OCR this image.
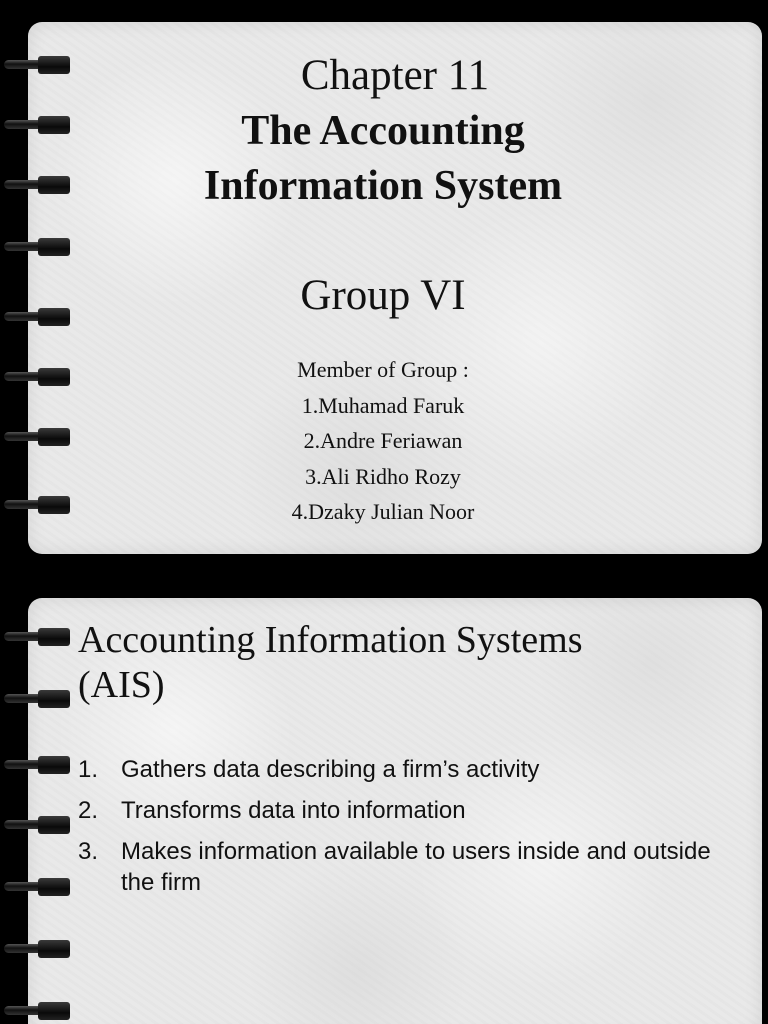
Chapter 11
The Accounting
Information System
Group VI
Member of Group :
1.Muhamad Faruk
2.Andre Feriawan
3.Ali Ridho Rozy
4.Dzaky Julian Noor
Accounting Information Systems
(AIS)
1. Gathers data describing a firm’s activity
2. Transforms data into information
3. Makes information available to users inside and outside the firm
